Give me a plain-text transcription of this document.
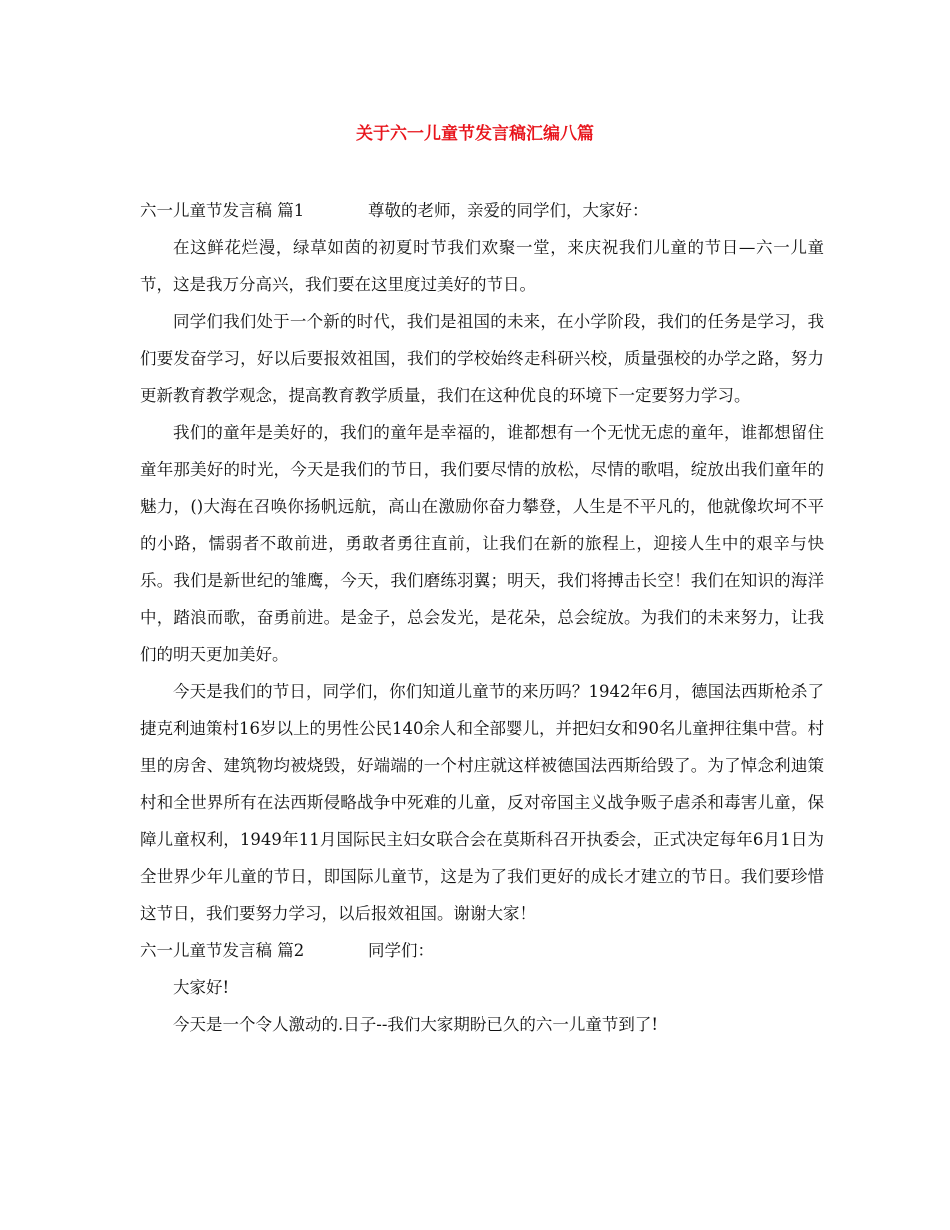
关于六一儿童节发言稿汇编八篇

六一儿童节发言稿 篇1	尊敬的老师，亲爱的同学们，大家好：

在这鲜花烂漫，绿草如茵的初夏时节我们欢聚一堂，来庆祝我们儿童的节日—六一儿童节，这是我万分高兴，我们要在这里度过美好的节日。

同学们我们处于一个新的时代，我们是祖国的未来，在小学阶段，我们的任务是学习，我们要发奋学习，好以后要报效祖国，我们的学校始终走科研兴校，质量强校的办学之路，努力更新教育教学观念，提高教育教学质量，我们在这种优良的环境下一定要努力学习。

我们的童年是美好的，我们的童年是幸福的，谁都想有一个无忧无虑的童年，谁都想留住童年那美好的时光，今天是我们的节日，我们要尽情的放松，尽情的歌唱，绽放出我们童年的魅力，()大海在召唤你扬帆远航，高山在激励你奋力攀登，人生是不平凡的，他就像坎坷不平的小路，懦弱者不敢前进，勇敢者勇往直前，让我们在新的旅程上，迎接人生中的艰辛与快乐。我们是新世纪的雏鹰，今天，我们磨练羽翼；明天，我们将搏击长空！我们在知识的海洋中，踏浪而歌，奋勇前进。是金子，总会发光，是花朵，总会绽放。为我们的未来努力，让我们的明天更加美好。

今天是我们的节日，同学们，你们知道儿童节的来历吗？1942年6月，德国法西斯枪杀了捷克利迪策村16岁以上的男性公民140余人和全部婴儿，并把妇女和90名儿童押往集中营。村里的房舍、建筑物均被烧毁，好端端的一个村庄就这样被德国法西斯给毁了。为了悼念利迪策村和全世界所有在法西斯侵略战争中死难的儿童，反对帝国主义战争贩子虐杀和毒害儿童，保障儿童权利，1949年11月国际民主妇女联合会在莫斯科召开执委会，正式决定每年6月1日为全世界少年儿童的节日，即国际儿童节，这是为了我们更好的成长才建立的节日。我们要珍惜这节日，我们要努力学习，以后报效祖国。谢谢大家！

六一儿童节发言稿 篇2	同学们：

大家好!

今天是一个令人激动的.日子--我们大家期盼已久的六一儿童节到了!
